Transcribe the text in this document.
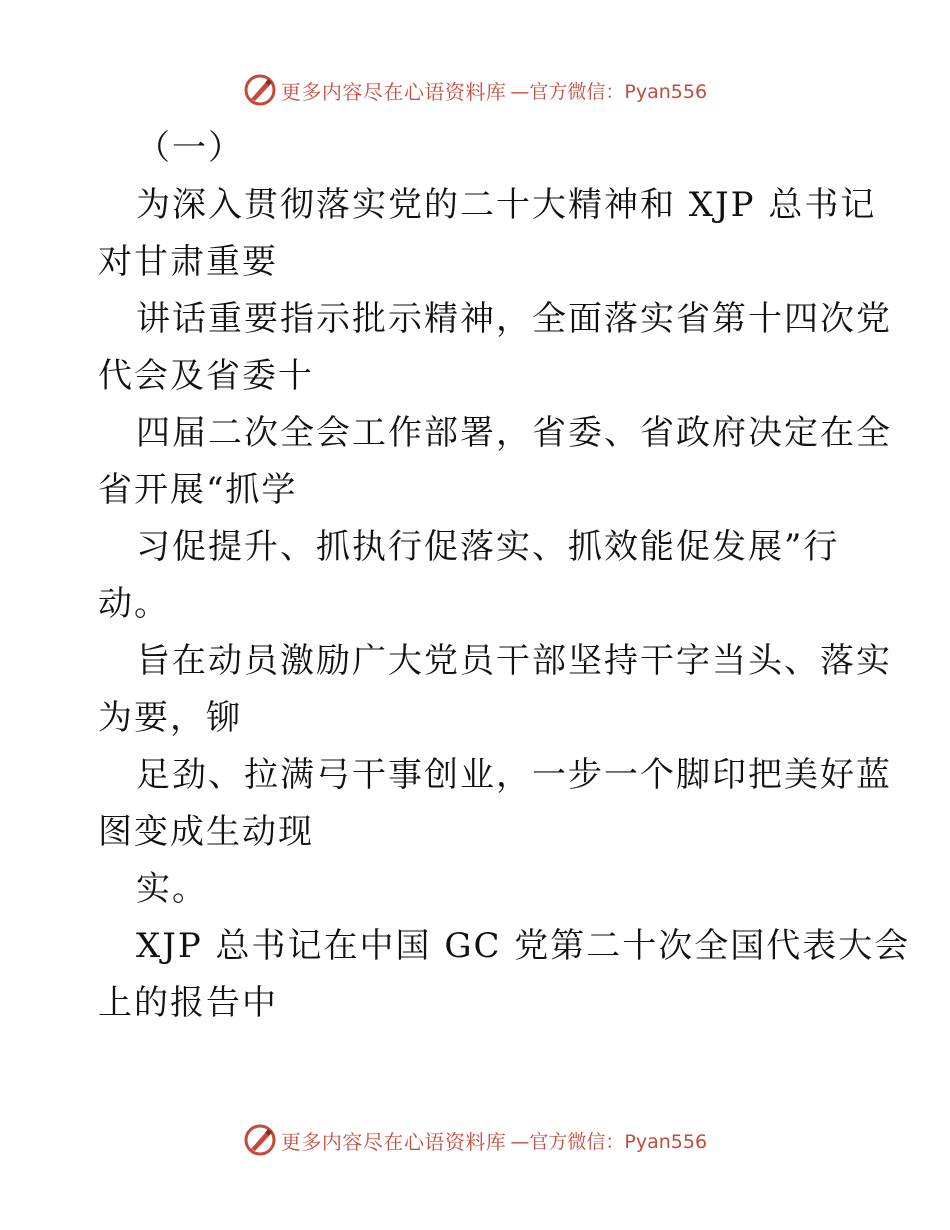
更多内容尽在心语资料库 —官方微信：Pyan556
（一）
为深入贯彻落实党的二十大精神和 XJP 总书记
对甘肃重要
讲话重要指示批示精神，全面落实省第十四次党
代会及省委十
四届二次全会工作部署，省委、省政府决定在全
省开展“抓学
习促提升、抓执行促落实、抓效能促发展”行
动。
旨在动员激励广大党员干部坚持干字当头、落实
为要，铆
足劲、拉满弓干事创业，一步一个脚印把美好蓝
图变成生动现
实。
XJP 总书记在中国 GC 党第二十次全国代表大会
上的报告中
更多内容尽在心语资料库 —官方微信：Pyan556
